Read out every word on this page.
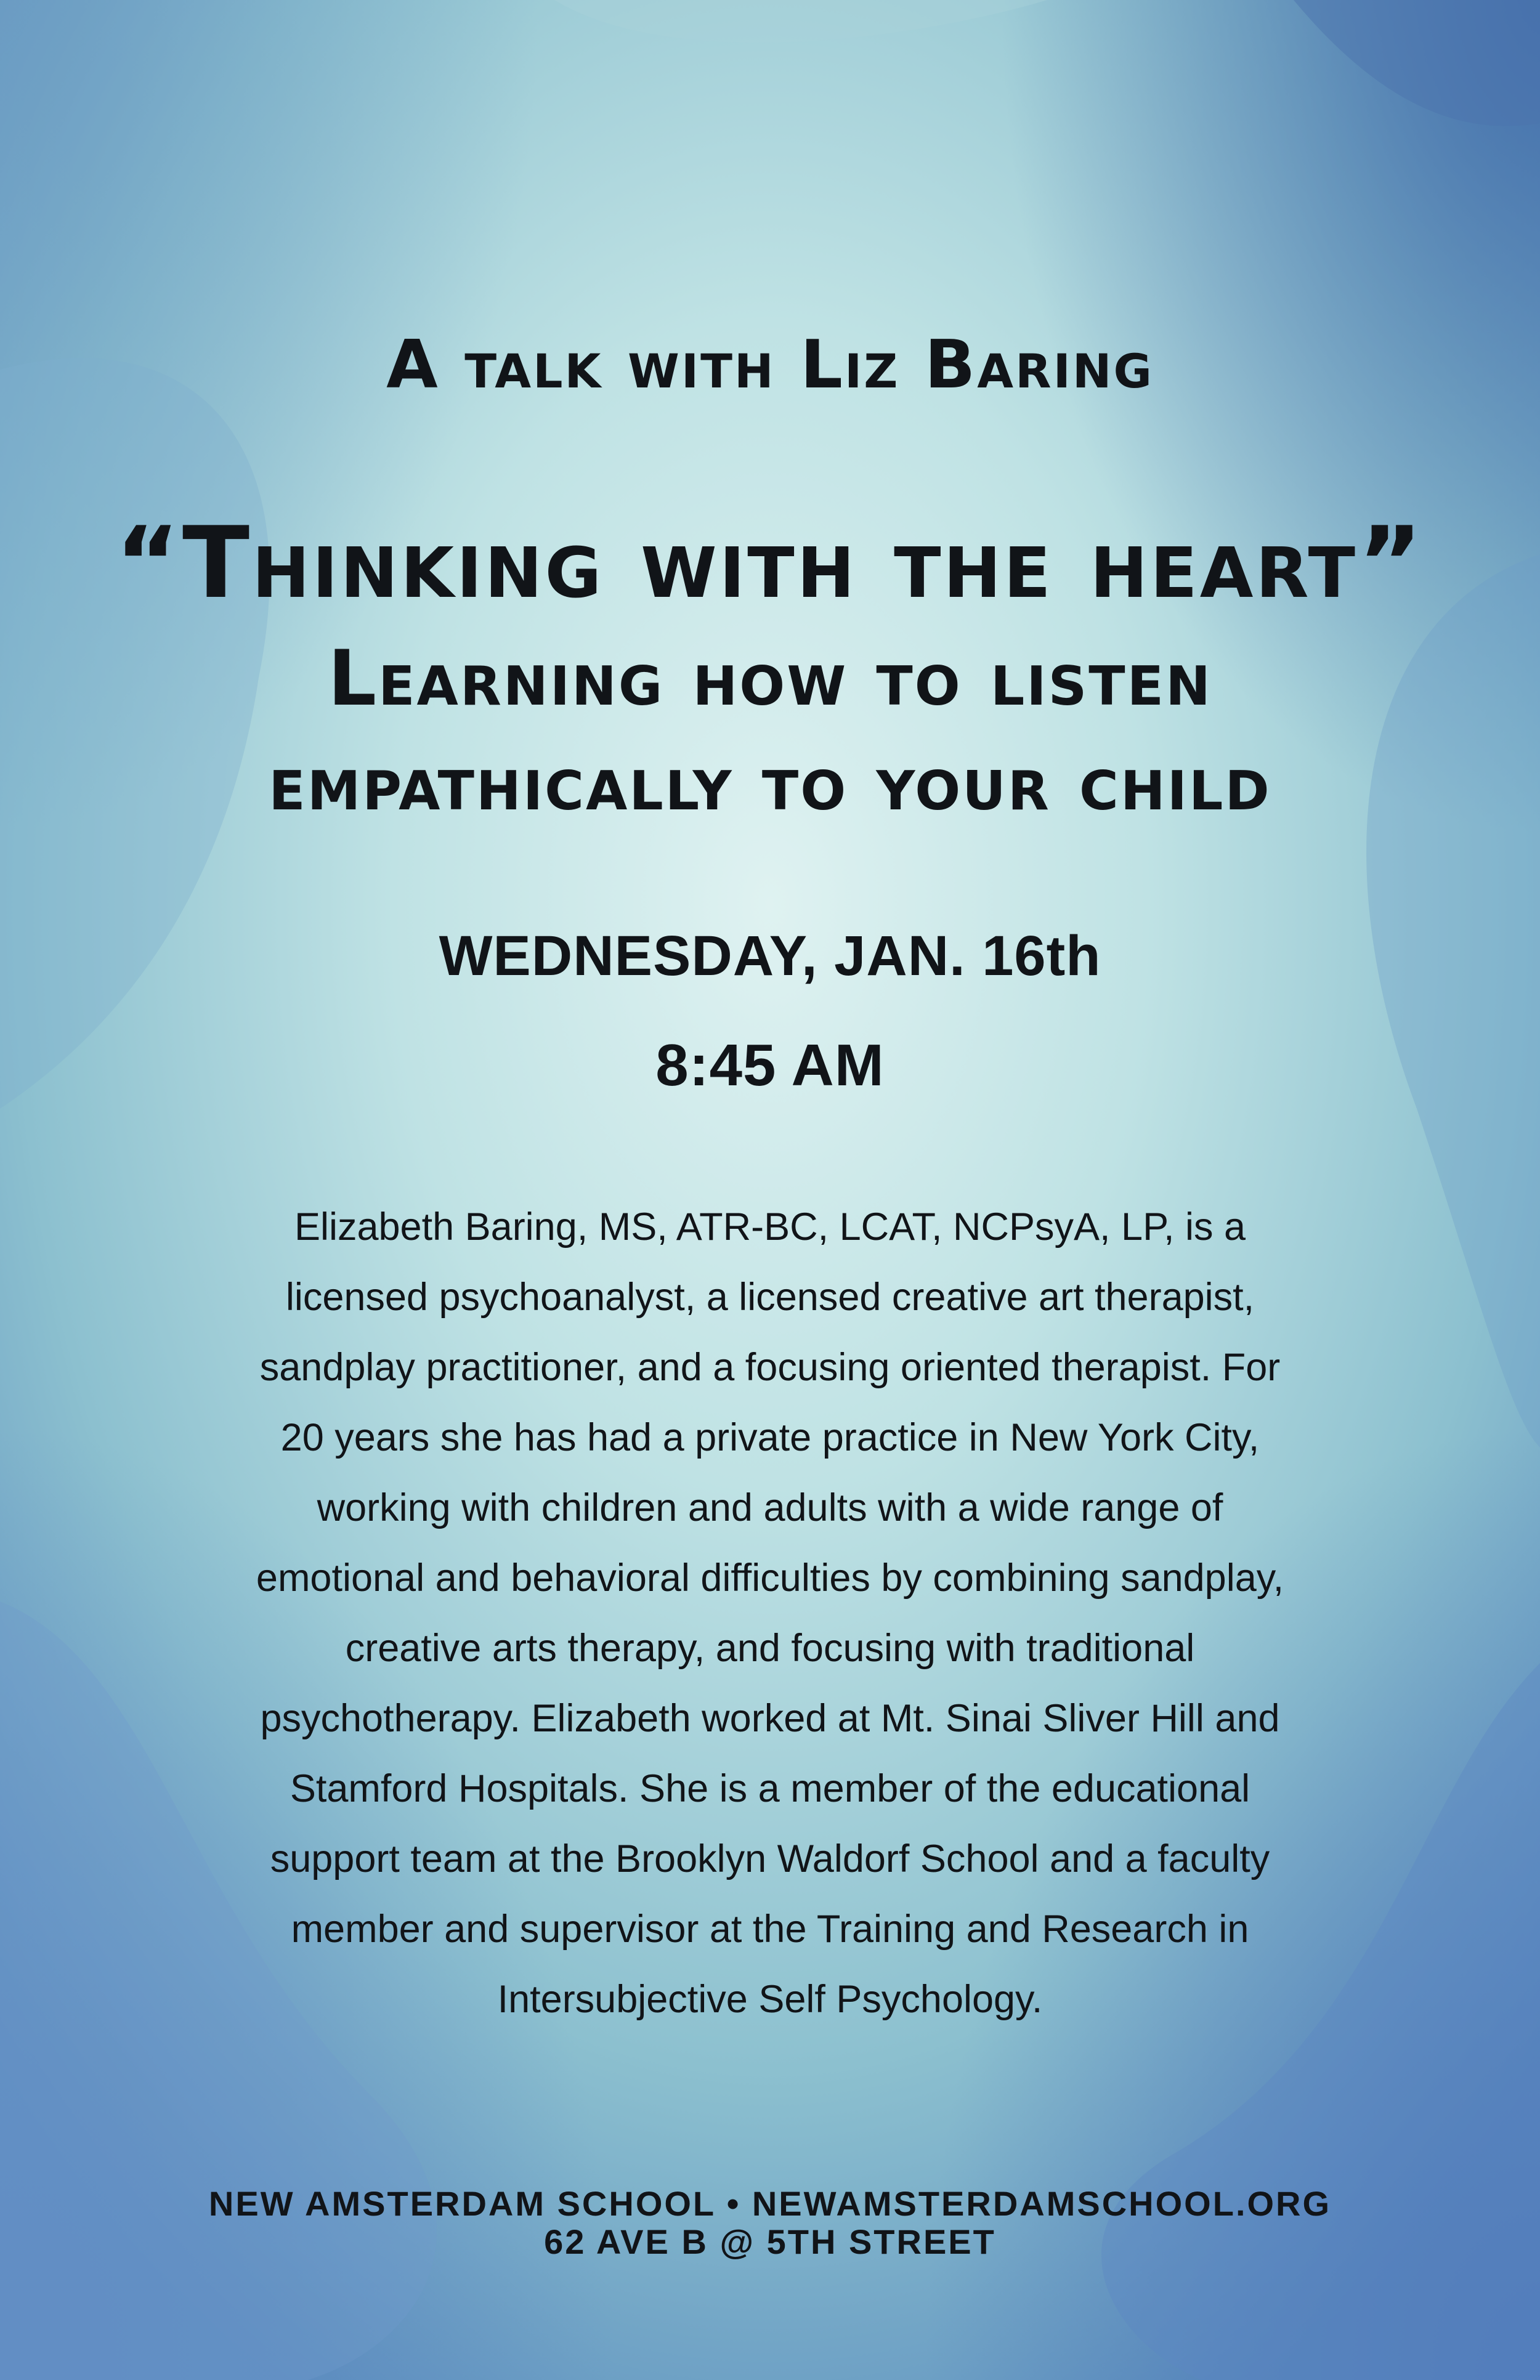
A talk with Liz Baring
“Thinking with the heart”
Learning how to listen
empathically to your child
WEDNESDAY, JAN. 16th
8:45 AM
Elizabeth Baring, MS, ATR-BC, LCAT, NCPsyA, LP, is a
licensed psychoanalyst, a licensed creative art therapist,
sandplay practitioner, and a focusing oriented therapist. For
20 years she has had a private practice in New York City,
working with children and adults with a wide range of
emotional and behavioral difficulties by combining sandplay,
creative arts therapy, and focusing with traditional
psychotherapy. Elizabeth worked at Mt. Sinai Sliver Hill and
Stamford Hospitals. She is a member of the educational
support team at the Brooklyn Waldorf School and a faculty
member and supervisor at the Training and Research in
Intersubjective Self Psychology.
NEW AMSTERDAM SCHOOL • NEWAMSTERDAMSCHOOL.ORG
62 AVE B @ 5TH STREET
